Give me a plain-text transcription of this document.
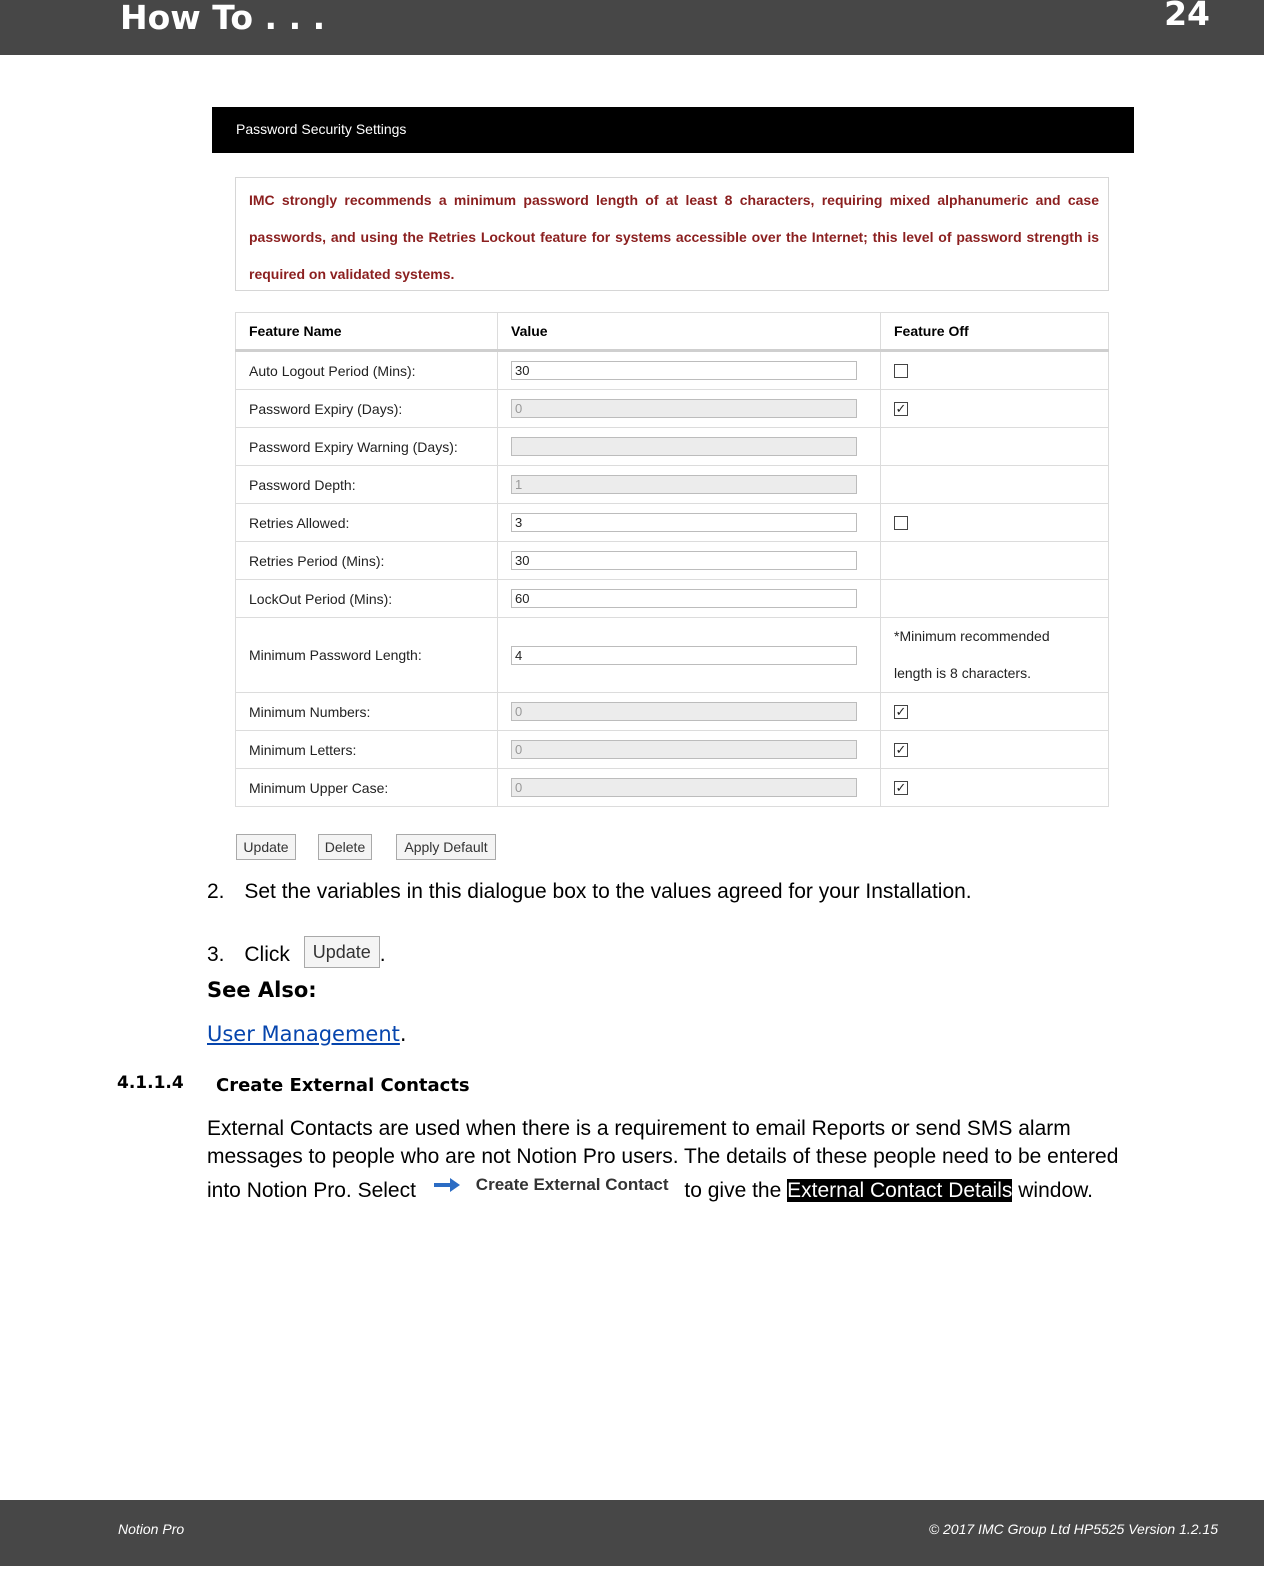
How To . . .	24
Password Security Settings

IMC strongly recommends a minimum password length of at least 8 characters, requiring mixed alphanumeric and case passwords, and using the Retries Lockout feature for systems accessible over the Internet; this level of password strength is required on validated systems.

Feature Name	Value	Feature Off
Auto Logout Period (Mins):	30	

Password Expiry (Days):	0	✓

Password Expiry Warning (Days):	

Password Depth:	1	

Retries Allowed:	3	

Retries Period (Mins):	30	

LockOut Period (Mins):	60	

Minimum Password Length:	4	*Minimum recommended
length is 8 characters.
Minimum Numbers:	0	✓

Minimum Letters:	0	✓

Minimum Upper Case:	0	✓
Update	Delete	Apply Default
2. Set the variables in this dialogue box to the values agreed for your Installation.
3. Click Update .
See Also:
User Management.
4.1.1.4 Create External Contacts
External Contacts are used when there is a requirement to email Reports or send SMS alarm messages to people who are not Notion Pro users. The details of these people need to be entered into Notion Pro. Select	Create External Contact to give the External Contact Details window.
Notion Pro	© 2017 IMC Group Ltd HP5525 Version 1.2.15
